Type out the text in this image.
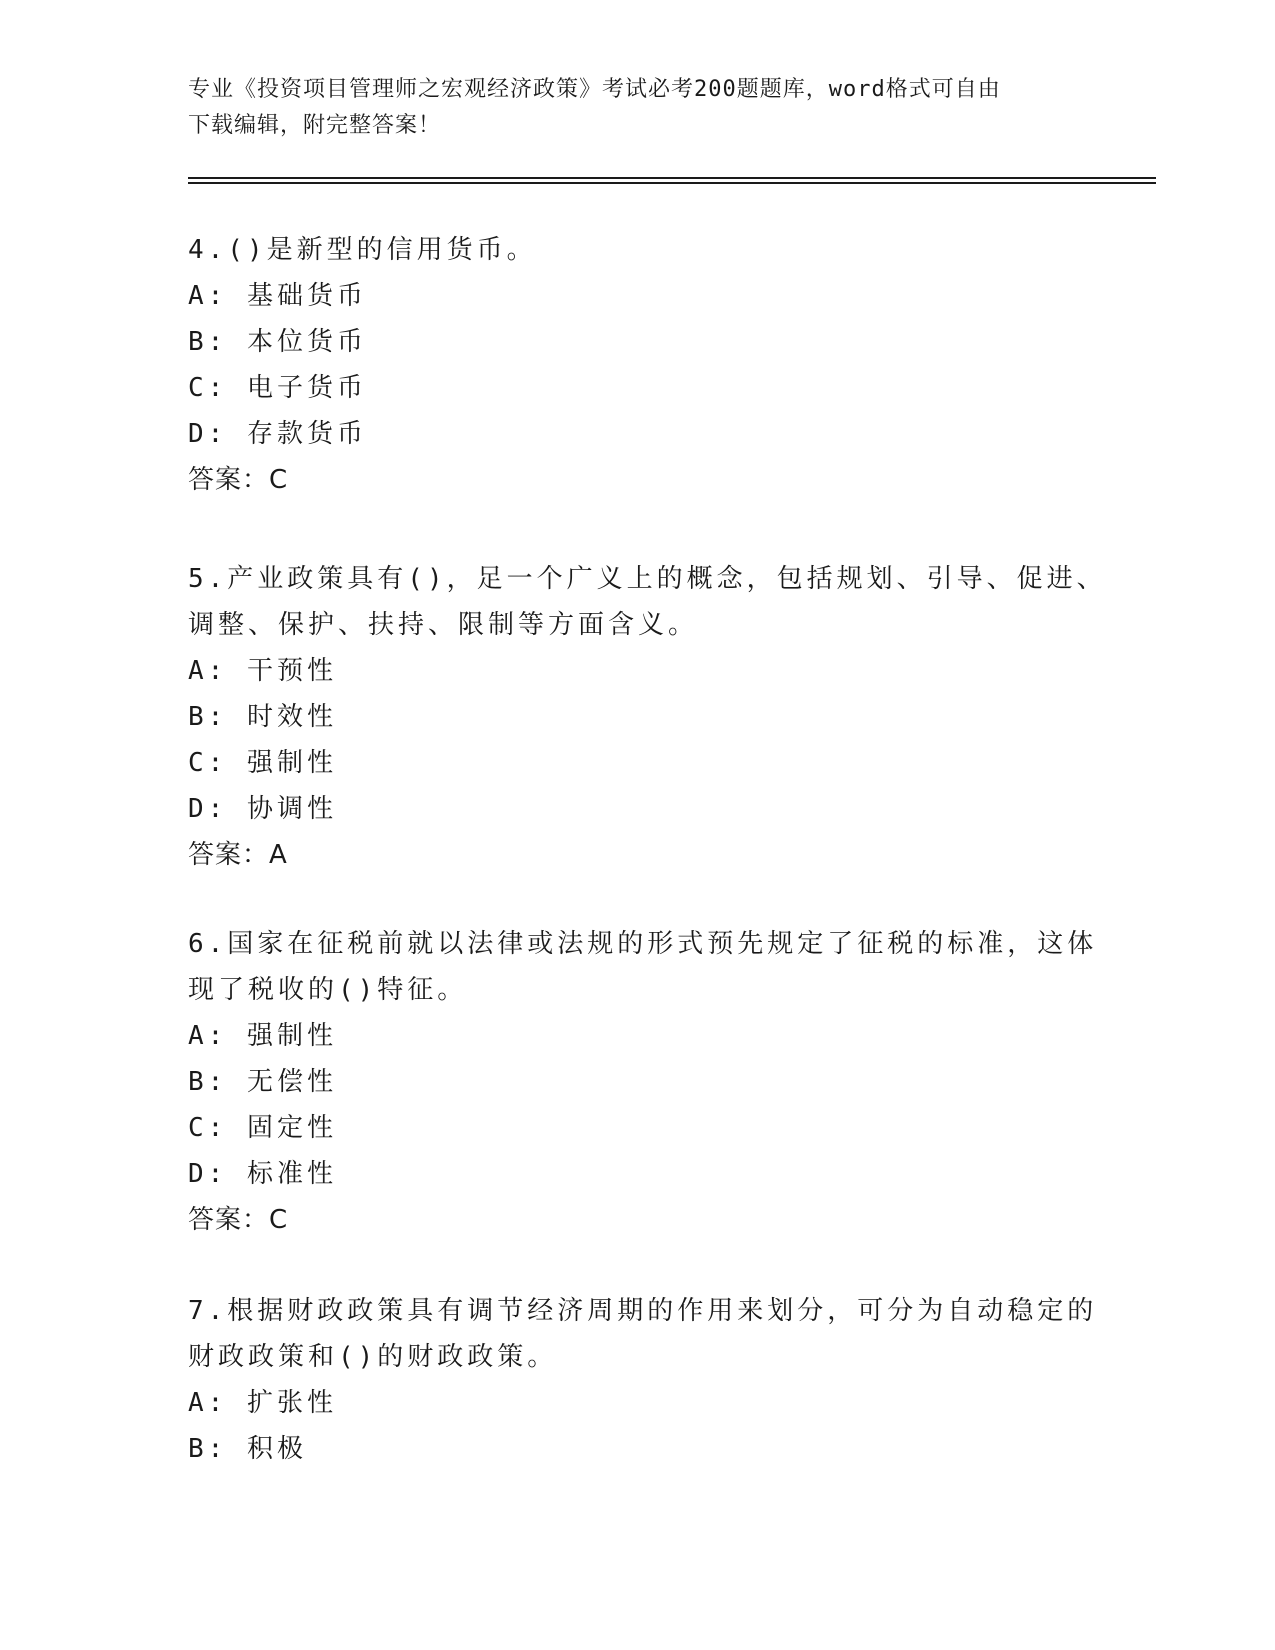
专业《投资项目管理师之宏观经济政策》考试必考200题题库，word格式可自由
下载编辑，附完整答案！
4.()是新型的信用货币。
A: 基础货币
B: 本位货币
C: 电子货币
D: 存款货币
答案：C
5.产业政策具有()，足一个广义上的概念，包括规划、引导、促进、
调整、保护、扶持、限制等方面含义。
A: 干预性
B: 时效性
C: 强制性
D: 协调性
答案：A
6.国家在征税前就以法律或法规的形式预先规定了征税的标准，这体
现了税收的()特征。
A: 强制性
B: 无偿性
C: 固定性
D: 标准性
答案：C
7.根据财政政策具有调节经济周期的作用来划分，可分为自动稳定的
财政政策和()的财政政策。
A: 扩张性
B: 积极
